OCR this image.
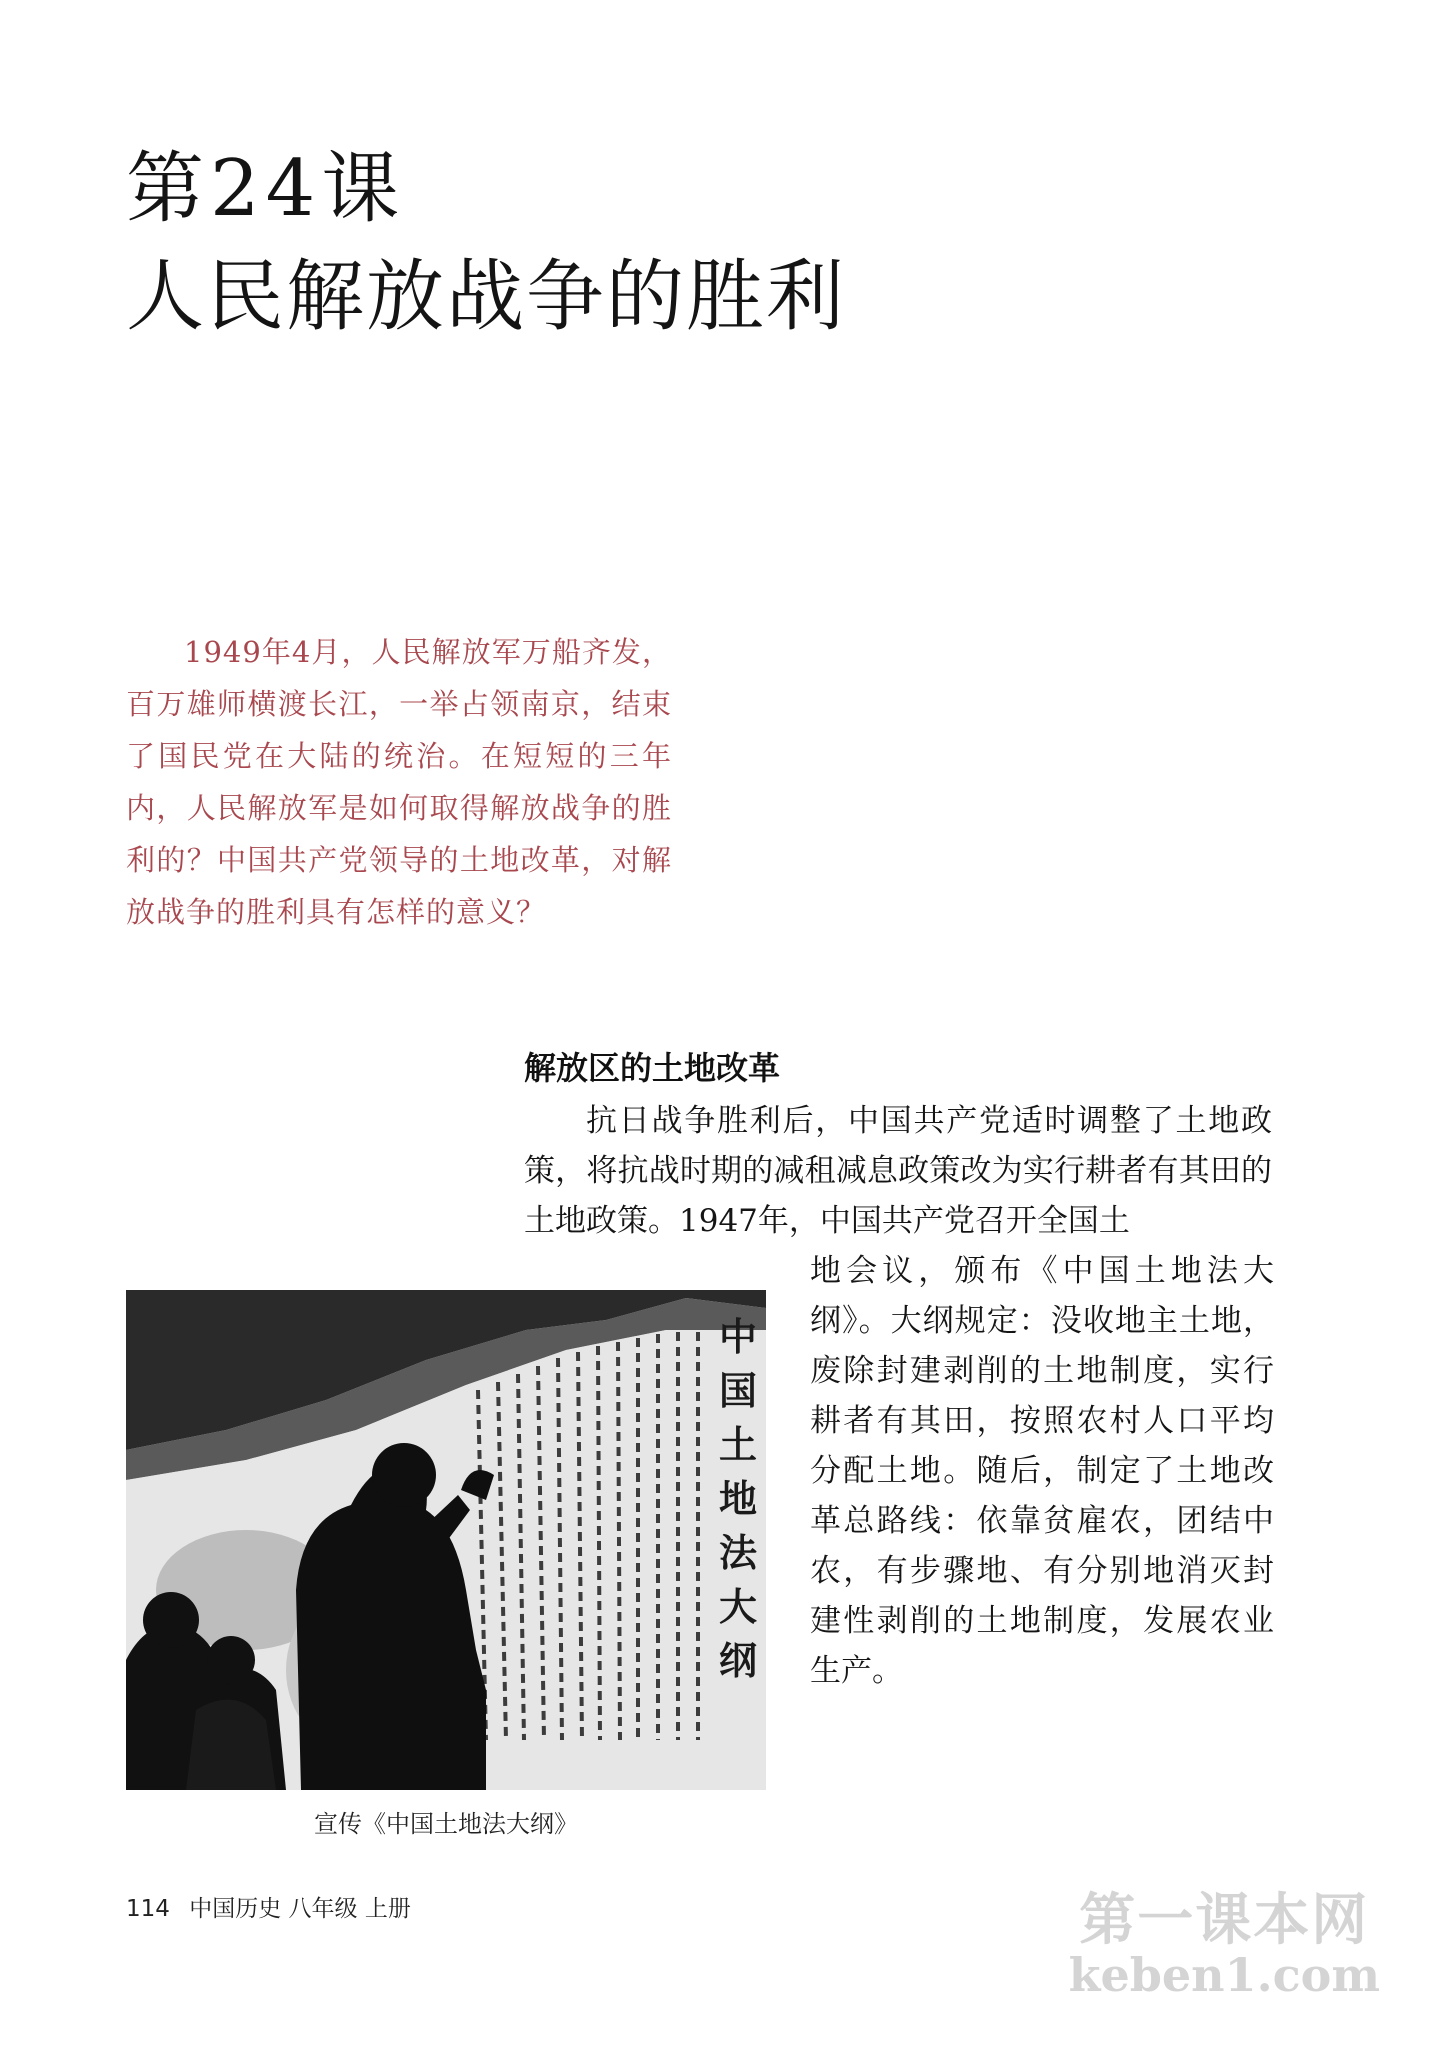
第24课
人民解放战争的胜利

1949年4月，人民解放军万船齐发，百万雄师横渡长江，一举占领南京，结束了国民党在大陆的统治。在短短的三年内，人民解放军是如何取得解放战争的胜利的？中国共产党领导的土地改革，对解放战争的胜利具有怎样的意义？

解放区的土地改革

抗日战争胜利后，中国共产党适时调整了土地政策，将抗战时期的减租减息政策改为实行耕者有其田的土地政策。1947年，中国共产党召开全国土

中国土地法大纲

地会议，颁布《中国土地法大纲》。大纲规定：没收地主土地，废除封建剥削的土地制度，实行耕者有其田，按照农村人口平均分配土地。随后，制定了土地改革总路线：依靠贫雇农，团结中农，有步骤地、有分别地消灭封建性剥削的土地制度，发展农业生产。

宣传《中国土地法大纲》
114 中国历史 八年级 上册	第一课本网
keben1.com
